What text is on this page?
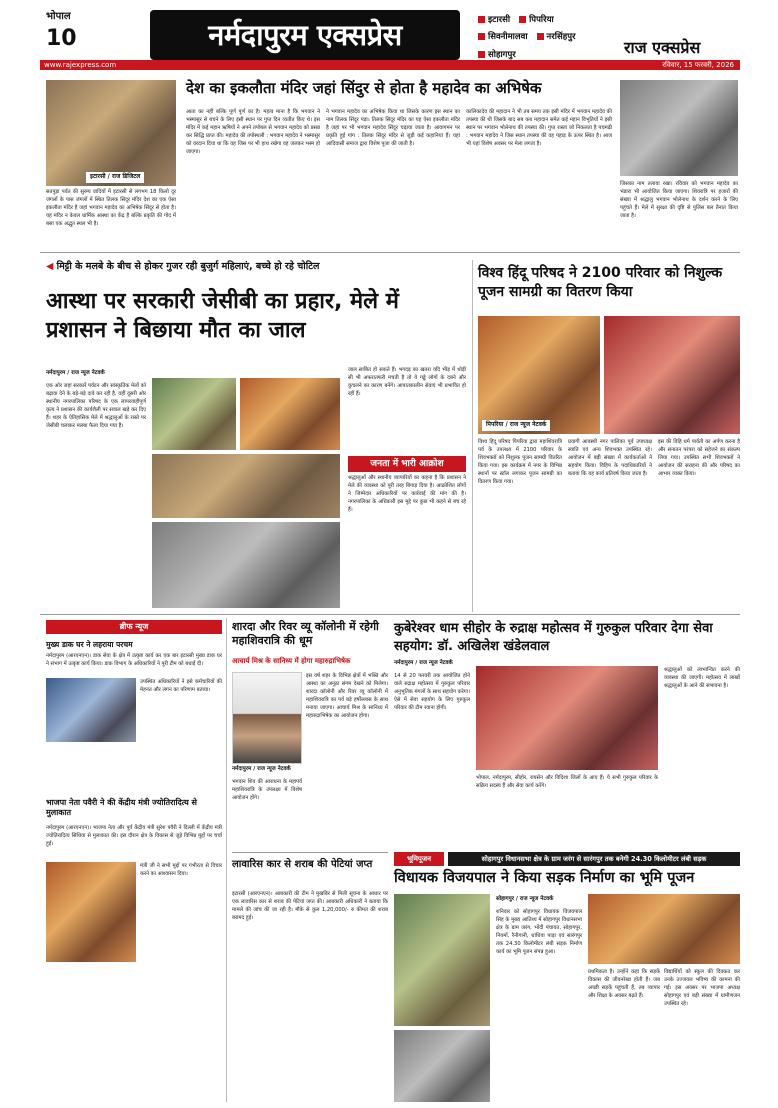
भोपाल
10	नर्मदापुरम एक्सप्रेस	इटारसी पिपरिया सिवनीमालवा नरसिंहपुर सोहागपुर	राज एक्सप्रेस
www.rajexpress.com	रविवार, 15 फरवरी, 2026
इटारसी / राज डिजिटल
देश का इकलौता मंदिर जहां सिंदुर से होता है महादेव का अभिषेक
सतपुड़ा पर्वत की सुरम्य वादियों में इटारसी से लगभग 18 किलो दूर जंगलों के पास जंगलों में स्थित तिलक सिंदूर मंदिर देश का एक ऐसा इकलौता मंदिर है जहां भगवान महादेव का अभिषेक सिंदूर से होता है। यह मंदिर न केवल धार्मिक आस्था का केंद्र है बल्कि प्रकृति की गोद में बसा एक अद्भुत स्थल भी है।
आता का नहीं बल्कि पूर्ण पूर्ण का है। महत्व माना है कि भगवान ने भस्मासुर से बचने के लिए इसी स्थान पर गुप्त दिन व्यतीत किए थे। इस मंदिर में कई महान ऋषियों ने अपने तपोबल से भगवान महादेव को प्रसन्न कर सिद्धि प्राप्त की। महादेव की तपोस्थली : भगवान महादेव ने भस्मासुर को वरदान दिया था कि वह जिस पर भी हाथ रखेगा वह जलकर भस्म हो जाएगा।
ने भगवान महादेव का अभिषेक किया था जिसके कारण इस स्थान का नाम तिलक सिंदूर पड़ा। तिलक सिंदूर मंदिर का यह ऐसा इकलौता मंदिर है जहां पर भी भगवान महादेव सिंदूर चढ़ाया जाता है। आवागमन पर प्रकृति हुई गांग : तिलक सिंदूर मंदिर से जुड़ी कई कहानियां हैं। यहां आदिवासी समाज द्वारा विशेष पूजा की जाती है।
कालिकादेव की महादान ने भी तब समय तक इसी मंदिर में भगवान महादेव की तपस्या की थी जिसके बाद सब कब महादान समेत कई महान विभूतियों ने इसी स्थान पर भगवान भोलेनाथ की तपस्या की। गुप्त रास्ता जो निकलता है पचमढ़ी : भगवान महादेव ने जिस स्थान तपस्या की वह पहाड़ के ऊपर स्थित है। आज भी यहां विशेष अवसर पर मेला लगता है।
जिसका नाम तलाया रखा। रविवार को भगवान महादेव का भंडारा भी आयोजित किया जाएगा। शिवरात्रि पर हजारों की संख्या में श्रद्धालु भगवान भोलेनाथ के दर्शन करने के लिए पहुंचते हैं। मेले में सुरक्षा की दृष्टि से पुलिस बल तैनात किया जाता है।
◀ मिट्टी के मलबे के बीच से होकर गुजर रही बुजुर्ग महिलाएं, बच्चे हो रहे चोटिल
आस्था पर सरकारी जेसीबी का प्रहार, मेले में प्रशासन ने बिछाया मौत का जाल
नर्मदापुरम / राज न्यूज नेटवर्क
एक ओर जहां सरकारें पर्यटन और सांस्कृतिक मेलों को बढ़ावा देने के बड़े-बड़े दावे कर रही है, वहीं दूसरी ओर स्थानीय नगरपालिका परिषद के एक लापरवाहीपूर्ण कृत्य ने प्रशासन की कार्यशैली पर सवाल खड़े कर दिए हैं। शहर के ऐतिहासिक मेले में श्रद्धालुओं के रास्ते पर जेसीबी चलाकर मलबा फैला दिया गया है।
जाल साबित हो सकते हैं। भगदड़ का खतरा यदि भीड़ में थोड़ी सी भी अफरातफरी मचती है तो ये गड्ढे लोगों के दबने और कुचलने का कारण बनेंगे। आपातकालीन सेवाएं भी प्रभावित हो रही हैं।
जनता में भारी आक्रोश
श्रद्धालुओं और स्थानीय व्यापारियों का कहना है कि प्रशासन ने मेले की व्यवस्था को पूरी तरह बिगाड़ दिया है। आक्रोशित लोगों ने जिम्मेदार अधिकारियों पर कार्रवाई की मांग की है। नगरपालिका के अधिकारी इस मुद्दे पर कुछ भी कहने से बच रहे हैं।
विश्व हिंदू परिषद ने 2100 परिवार को निशुल्क पूजन सामग्री का वितरण किया
पिपरिया / राज न्यूज नेटवर्क
विश्व हिंदू परिषद पिपरिया द्वारा महाशिवरात्रि पर्व के उपलक्ष्य में 2100 परिवार के शिवभक्तों को निशुल्क पूजन सामग्री वितरित किया गया। इस कार्यक्रम में नगर के विभिन्न स्थानों पर स्टॉल लगाकर पूजन सामग्री का वितरण किया गया।
प्रयागी आवस्थी नगर पालिका पूर्व उपाध्यक्ष स्वाति एवं अन्य शिवभक्त उपस्थित रहे। आयोजन में बड़ी संख्या में कार्यकर्ताओं ने सहयोग किया। विहिप के पदाधिकारियों ने बताया कि यह कार्य प्रतिवर्ष किया जाता है।
इस की विहि धर्म पार्वती का अर्पण करना है और सनातन परंपरा को सहेजने का संकल्प लिया गया। उपस्थित सभी शिवभक्तों ने आयोजन की सराहना की और परिषद का आभार व्यक्त किया।
ब्रीफ न्यूज
मुख्य डाक घर ने लहराया परचम
नर्मदापुरम (आरएनएन)। डाक सेवा के क्षेत्र में उत्कृष्ट कार्य कर एक बार इटारसी मुख्य डाक घर ने संभाग में उत्कृष्ट कार्य किया। डाक विभाग के अधिकारियों ने पूरी टीम को बधाई दी।
उपस्थित अधिकारियों ने इसे कर्मचारियों की मेहनत और लगन का परिणाम बताया।
भाजपा नेता पवैरी ने की केंद्रीय मंत्री ज्योतिरादित्य से मुलाकात
नर्मदापुरम (आरएनएन)। भाजपा नेता और पूर्व केंद्रीय मंत्री सुरेश पवैरी ने दिल्ली में केंद्रीय मंत्री ज्योतिरादित्य सिंधिया से मुलाकात की। इस दौरान क्षेत्र के विकास से जुड़े विभिन्न मुद्दों पर चर्चा हुई।
मंत्री जी ने सभी मुद्दों पर गंभीरता से विचार करने का आश्वासन दिया।
शारदा और रिवर व्यू कॉलोनी में रहेगी महाशिवरात्रि की धूम
आचार्य मिश्र के सानिध्य में होगा महारुद्राभिषेक
नर्मदापुरम / राज न्यूज नेटवर्क
इस वर्ष शहर के विभिन्न क्षेत्रों में भक्ति और आस्था का अनूठा संगम देखने को मिलेगा। शारदा कॉलोनी और रिवर व्यू कॉलोनी में महाशिवरात्रि का पर्व बड़े हर्षोल्लास के साथ मनाया जाएगा। आचार्य मिश्र के सानिध्य में महारुद्राभिषेक का आयोजन होगा।
भगवान शिव की आराधना के महापर्व महाशिवरात्रि के उपलक्ष्य में विशेष आयोजन होंगे।
लावारिस कार से शराब की पेटियां जप्त
इटारसी (आरएनएन)। आबकारी की टीम ने मुखबिर से मिली सूचना के आधार पर एक लावारिस कार से शराब की पेटियां जप्त की। आबकारी अधिकारी ने बताया कि मामले की जांच की जा रही है। मौके से कुल 1,20,000/- रु कीमत की शराब बरामद हुई।
कुबेरेश्वर धाम सीहोर के रुद्राक्ष महोत्सव में गुरुकुल परिवार देगा सेवा सहयोग: डॉ. अखिलेश खंडेलवाल
नर्मदापुरम / राज न्यूज नेटवर्क
14 से 20 फरवरी तक आयोजित होने वाले रुद्राक्ष महोत्सव में गुरुकुल परिवार अनुभूतिक मंगलों के साथ सहयोग करेगा। ऐसे में सेवा सहयोग के लिए गुरुकुल परिवार की टीम रवाना होगी।
भोपाल, नर्मदापुरम, सीहोर, रायसेन और विदिशा जिलों के आए हैं। ये सभी गुरुकुल परिवार के सक्रिय सदस्य हैं और सेवा कार्य करेंगे।
श्रद्धालुओं को लाभान्वित करने की व्यवस्था की जाएगी। महोत्सव में लाखों श्रद्धालुओं के आने की संभावना है।
भूमिपूजन	सोहागपुर विधानसभा क्षेत्र के ग्राम जरंग से सारंगपुर तक बनेगी 24.30 किलोमीटर लंबी सड़क
विधायक विजयपाल ने किया सड़क निर्माण का भूमि पूजन
सोहागपुर / राज न्यूज नेटवर्क
शनिवार को सोहागपुर विधायक विजयपाल सिंह के मुख्य आतिथ्य में सोहागपुर विधानसभा क्षेत्र के ग्राम जरंग, भोंदी पंचायत, सोहागपुर, नियमों, रैनीगानी, धांधिया पाड़ा एवं सारंगपुर तक 24.30 किलोमीटर लंबी सड़क निर्माण कार्य का भूमि पूजन संपन्न हुआ।
प्रथमिकता है। उन्होंने कहा कि सड़कें विकास की जीवनरेखा होती हैं। जब अच्छी सड़कें पहुंचती हैं, तब व्यापार और शिक्षा के अवसर बढ़ते हैं।
विद्यार्थियों को स्कूल की दिक्कत कर उनके उज्जवल भविष्य की कामना की गई। इस अवसर पर भाजपा अध्यक्ष सोहागपुर एवं बड़ी संख्या में ग्रामीणजन उपस्थित रहे।
